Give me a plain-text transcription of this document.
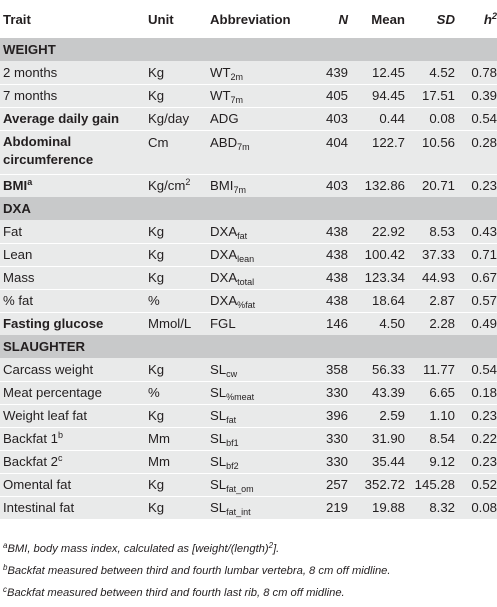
Trait	Unit	Abbreviation	N	Mean	SD	$h^2$
WEIGHT						
2 months	Kg	$WT_{2m}$	439	12.45	4.52	0.78
7 months	Kg	$WT_{7m}$	405	94.45	17.51	0.39
Average daily gain	Kg/day	ADG	403	0.44	0.08	0.54
Abdominal circumference	Cm	$ABD_{7m}$	404	122.7	10.56	0.28
BMI$^a$	$Kg/cm^2$	$BMI_{7m}$	403	132.86	20.71	0.23
DXA						
Fat	Kg	$DXA_{fat}$	438	22.92	8.53	0.43
Lean	Kg	$DXA_{lean}$	438	100.42	37.33	0.71
Mass	Kg	$DXA_{total}$	438	123.34	44.93	0.67
% fat	%	$DXA_{\%fat}$	438	18.64	2.87	0.57
Fasting glucose	Mmol/L	FGL	146	4.50	2.28	0.49
SLAUGHTER						
Carcass weight	Kg	$SL_{cw}$	358	56.33	11.77	0.54
Meat percentage	%	$SL_{\%meat}$	330	43.39	6.65	0.18
Weight leaf fat	Kg	$SL_{fat}$	396	2.59	1.10	0.23
Backfat 1$^b$	Mm	$SL_{bf1}$	330	31.90	8.54	0.22
Backfat 2$^c$	Mm	$SL_{bf2}$	330	35.44	9.12	0.23
Omental fat	Kg	$SL_{fat\_om}$	257	352.72	145.28	0.52
Intestinal fat	Kg	$SL_{fat\_int}$	219	19.88	8.32	0.08
$^a$BMI, body mass index, calculated as [weight/(length)$^2$].
$^b$Backfat measured between third and fourth lumbar vertebra, 8 cm off midline.
$^c$Backfat measured between third and fourth last rib, 8 cm off midline.
